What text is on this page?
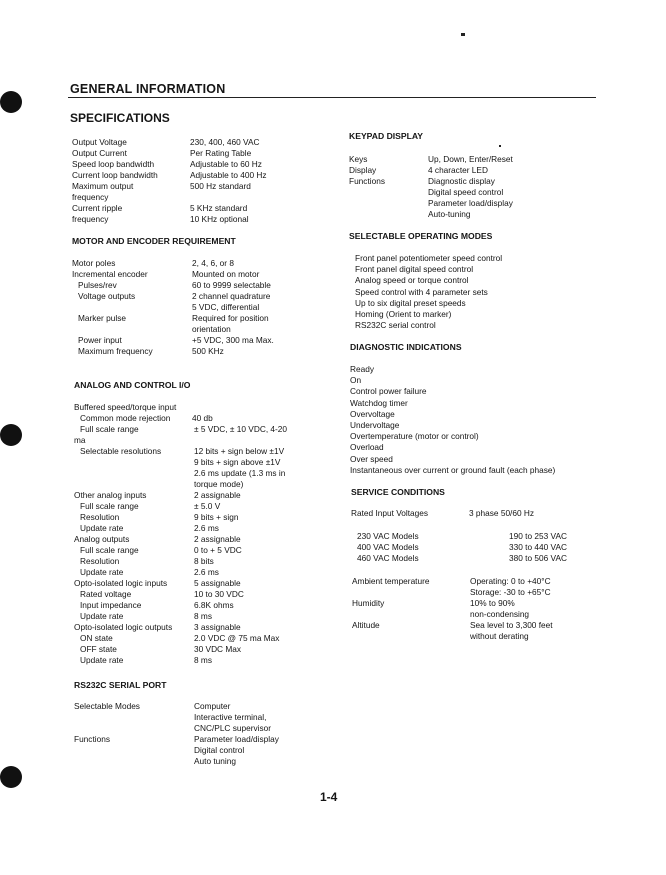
GENERAL INFORMATION
SPECIFICATIONS
Output Voltage	230, 400, 460 VAC
Output Current	Per Rating Table
Speed loop bandwidth	Adjustable to 60 Hz
Current loop bandwidth	Adjustable to 400 Hz
Maximum output	500 Hz standard
frequency
Current ripple	5 KHz standard
frequency	10 KHz optional
MOTOR AND ENCODER REQUIREMENT
Motor poles	2, 4, 6, or 8
Incremental encoder	Mounted on motor
Pulses/rev	60 to 9999 selectable
Voltage outputs	2 channel quadrature
5 VDC, differential
Marker pulse	Required for position
orientation
Power input	+5 VDC, 300 ma Max.
Maximum frequency	500 KHz
ANALOG AND CONTROL I/O
Buffered speed/torque input
Common mode rejection	40 db
Full scale range	± 5 VDC, ± 10 VDC, 4-20
ma
Selectable resolutions	12 bits + sign below ±1V
9 bits + sign above ±1V
2.6 ms update (1.3 ms in
torque mode)
Other analog inputs	2 assignable
Full scale range	± 5.0 V
Resolution	9 bits + sign
Update rate	2.6 ms
Analog outputs	2 assignable
Full scale range	0 to + 5 VDC
Resolution	8 bits
Update rate	2.6 ms
Opto-isolated logic inputs	5 assignable
Rated voltage	10 to 30 VDC
Input impedance	6.8K ohms
Update rate	8 ms
Opto-isolated logic outputs	3 assignable
ON state	2.0 VDC @ 75 ma Max
OFF state	30 VDC Max
Update rate	8 ms
RS232C SERIAL PORT
Selectable Modes	Computer
Interactive terminal,
CNC/PLC supervisor
Functions	Parameter load/display
Digital control
Auto tuning
KEYPAD DISPLAY
Keys	Up, Down, Enter/Reset
Display	4 character LED
Functions	Diagnostic display
Digital speed control
Parameter load/display
Auto-tuning
SELECTABLE OPERATING MODES
Front panel potentiometer speed control
Front panel digital speed control
Analog speed or torque control
Speed control with 4 parameter sets
Up to six digital preset speeds
Homing (Orient to marker)
RS232C serial control
DIAGNOSTIC INDICATIONS
Ready
On
Control power failure
Watchdog timer
Overvoltage
Undervoltage
Overtemperature (motor or control)
Overload
Over speed
Instantaneous over current or ground fault (each phase)
SERVICE CONDITIONS
Rated Input Voltages	3 phase 50/60 Hz
230 VAC Models	190 to 253 VAC
400 VAC Models	330 to 440 VAC
460 VAC Models	380 to 506 VAC
Ambient temperature	Operating: 0 to +40°C
Storage: -30 to +65°C
Humidity	10% to 90%
non-condensing
Altitude	Sea level to 3,300 feet
without derating
1-4
